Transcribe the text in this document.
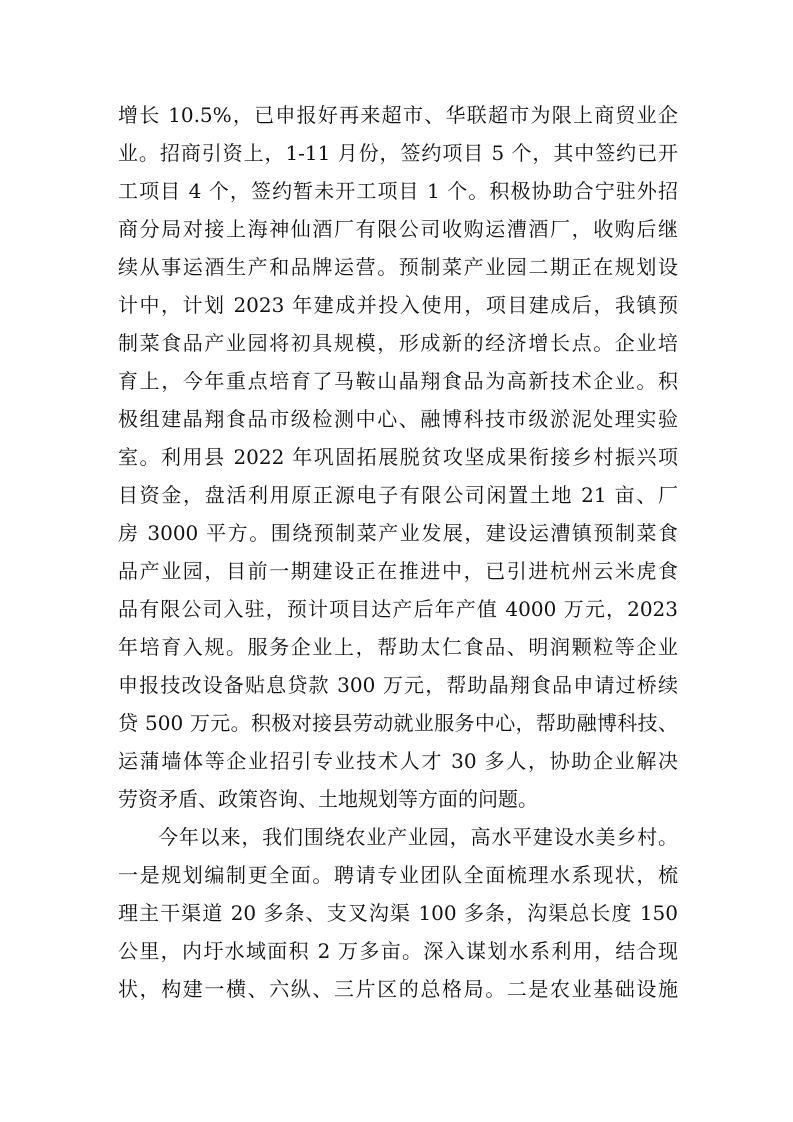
增长 10.5%，已申报好再来超市、华联超市为限上商贸业企
业。招商引资上，1-11 月份，签约项目 5 个，其中签约已开
工项目 4 个，签约暂未开工项目 1 个。积极协助合宁驻外招
商分局对接上海神仙酒厂有限公司收购运漕酒厂，收购后继
续从事运酒生产和品牌运营。预制菜产业园二期正在规划设
计中，计划 2023 年建成并投入使用，项目建成后，我镇预
制菜食品产业园将初具规模，形成新的经济增长点。企业培
育上，今年重点培育了马鞍山晶翔食品为高新技术企业。积
极组建晶翔食品市级检测中心、融博科技市级淤泥处理实验
室。利用县 2022 年巩固拓展脱贫攻坚成果衔接乡村振兴项
目资金，盘活利用原正源电子有限公司闲置土地 21 亩、厂
房 3000 平方。围绕预制菜产业发展，建设运漕镇预制菜食
品产业园，目前一期建设正在推进中，已引进杭州云米虎食
品有限公司入驻，预计项目达产后年产值 4000 万元，2023
年培育入规。服务企业上，帮助太仁食品、明润颗粒等企业
申报技改设备贴息贷款 300 万元，帮助晶翔食品申请过桥续
贷 500 万元。积极对接县劳动就业服务中心，帮助融博科技、
运蒲墙体等企业招引专业技术人才 30 多人，协助企业解决
劳资矛盾、政策咨询、土地规划等方面的问题。
今年以来，我们围绕农业产业园，高水平建设水美乡村。
一是规划编制更全面。聘请专业团队全面梳理水系现状，梳
理主干渠道 20 多条、支叉沟渠 100 多条，沟渠总长度 150
公里，内圩水域面积 2 万多亩。深入谋划水系利用，结合现
状，构建一横、六纵、三片区的总格局。二是农业基础设施
